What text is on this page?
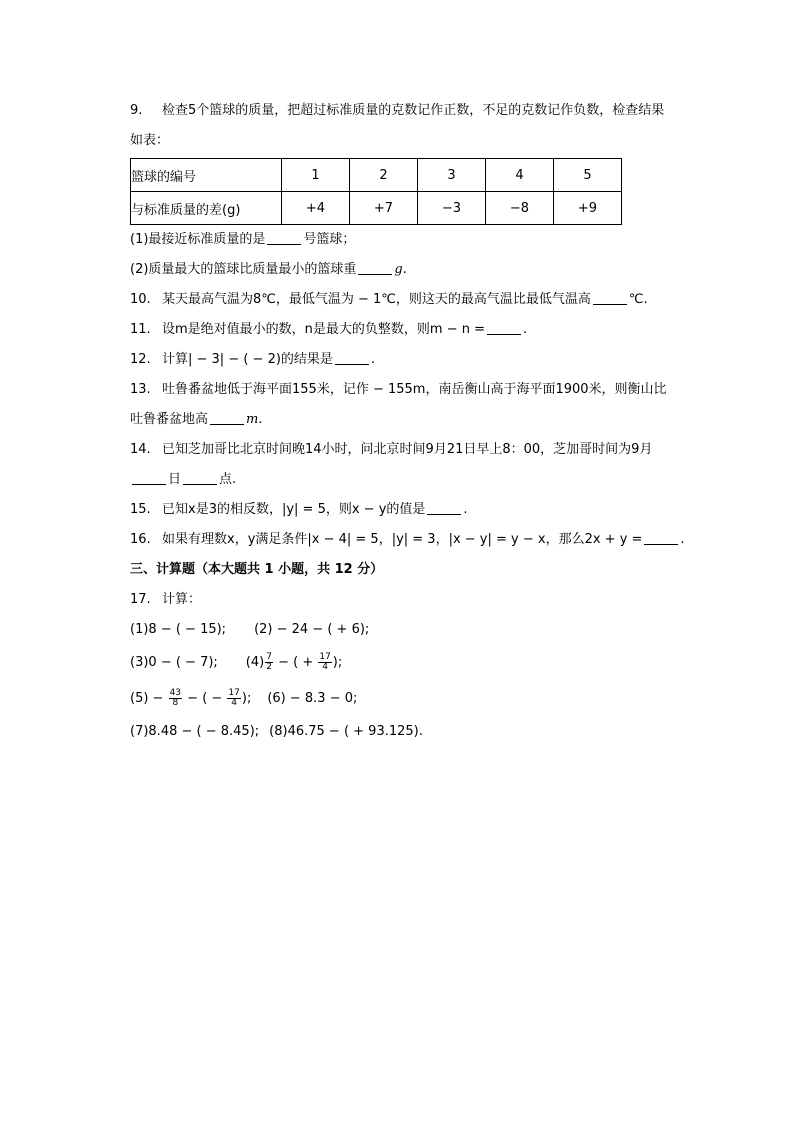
9. 检查5个篮球的质量，把超过标准质量的克数记作正数，不足的克数记作负数，检查结果
如表：
篮球的编号	1	2	3	4	5
与标准质量的差(g)	+4	+7	−3	−8	+9
(1)最接近标准质量的是	号篮球；
(2)质量最大的篮球比质量最小的篮球重	g.
10. 某天最高气温为8℃，最低气温为 − 1℃，则这天的最高气温比最低气温高	℃.
11. 设m是绝对值最小的数，n是最大的负整数，则m − n =	.
12. 计算| − 3| − ( − 2)的结果是	.
13. 吐鲁番盆地低于海平面155米，记作 − 155m，南岳衡山高于海平面1900米，则衡山比
吐鲁番盆地高	m.
14. 已知芝加哥比北京时间晚14小时，问北京时间9月21日早上8：00，芝加哥时间为9月
日	点.
15. 已知x是3的相反数，|y| = 5，则x − y的值是	.
16. 如果有理数x，y满足条件|x − 4| = 5，|y| = 3，|x − y| = y − x，那么2x + y =	.
三、计算题（本大题共 1 小题，共 12 分）
17. 计算：
(1)8 − ( − 15); (2) − 24 − ( + 6);
(3)0 − ( − 7); $(4) \frac{7}{2}$ − ( + $\frac{17}{4}$ );
$(5) - \frac{43}{8}$ − ( − $\frac{17}{4}$ ); (6) − 8.3 − 0;
(7)8.48 − ( − 8.45); (8)46.75 − ( + 93.125).
